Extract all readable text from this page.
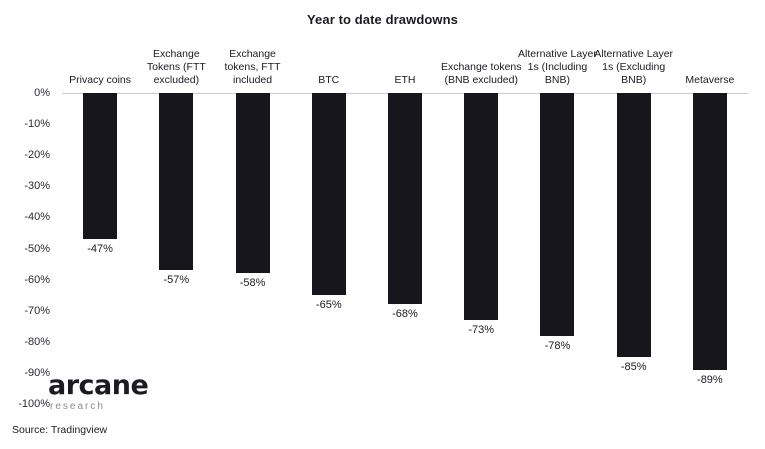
Year to date drawdowns
0%
-10%
-20%
-30%
-40%
-50%
-60%
-70%
-80%
-90%
-100%
-47%
Privacy coins
-57%
Exchange
Tokens (FTT
excluded)
-58%
Exchange
tokens, FTT
included
-65%
BTC
-68%
ETH
-73%
Exchange tokens
(BNB excluded)
-78%
Alternative Layer
1s (Including
BNB)
-85%
Alternative Layer
1s (Excluding
BNB)
-89%
Metaverse
arcane
research
Source: Tradingview
